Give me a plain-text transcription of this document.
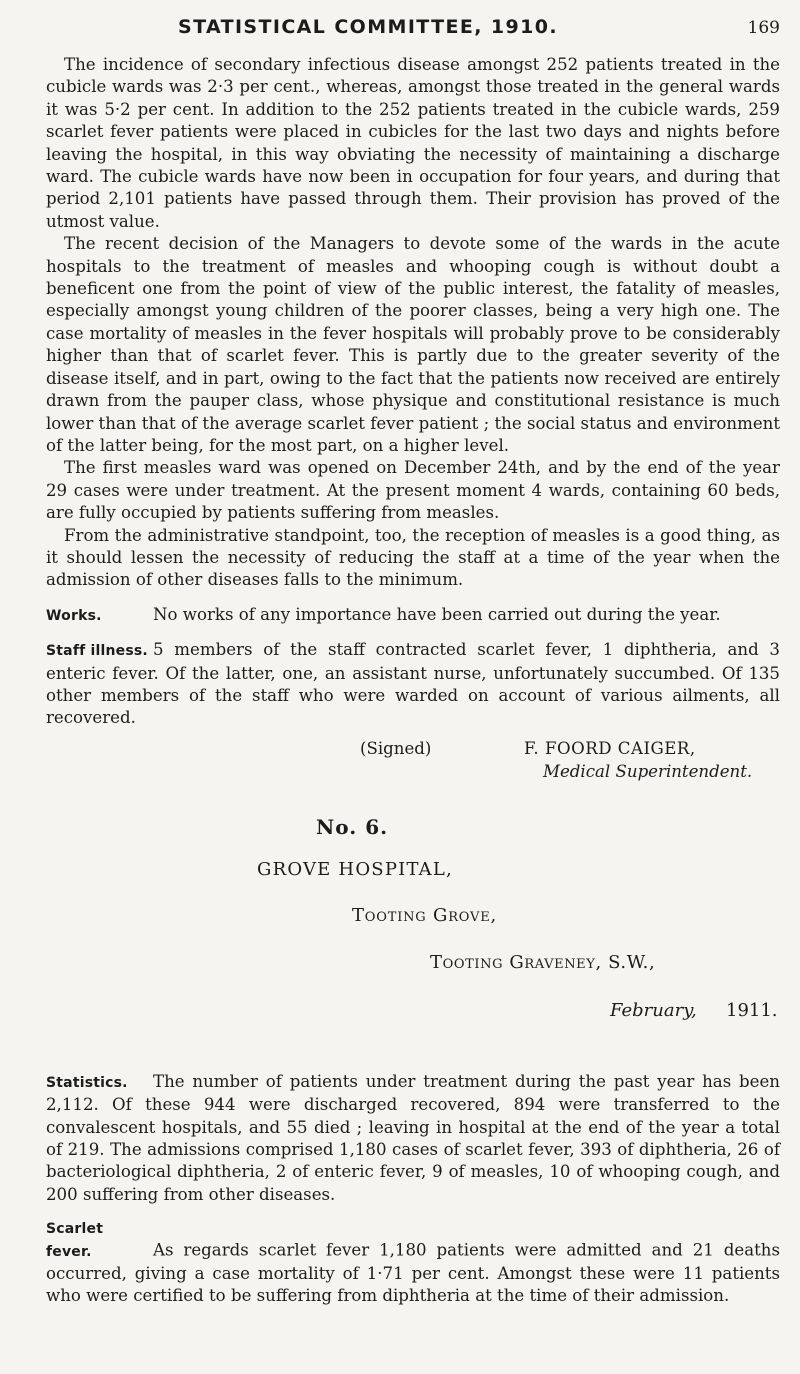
STATISTICAL COMMITTEE, 1910.	169

The incidence of secondary infectious disease amongst 252 patients treated in the cubicle wards was 2·3 per cent., whereas, amongst those treated in the general wards it was 5·2 per cent. In addition to the 252 patients treated in the cubicle wards, 259 scarlet fever patients were placed in cubicles for the last two days and nights before leaving the hospital, in this way obviating the necessity of maintaining a discharge ward. The cubicle wards have now been in occupation for four years, and during that period 2,101 patients have passed through them. Their provision has proved of the utmost value.

The recent decision of the Managers to devote some of the wards in the acute hospitals to the treatment of measles and whooping cough is without doubt a beneficent one from the point of view of the public interest, the fatality of measles, especially amongst young children of the poorer classes, being a very high one. The case mortality of measles in the fever hospitals will probably prove to be considerably higher than that of scarlet fever. This is partly due to the greater severity of the disease itself, and in part, owing to the fact that the patients now received are entirely drawn from the pauper class, whose physique and constitutional resistance is much lower than that of the average scarlet fever patient ; the social status and environment of the latter being, for the most part, on a higher level.

The first measles ward was opened on December 24th, and by the end of the year 29 cases were under treatment. At the present moment 4 wards, containing 60 beds, are fully occupied by patients suffering from measles.

From the administrative standpoint, too, the reception of measles is a good thing, as it should lessen the necessity of reducing the staff at a time of the year when the admission of other diseases falls to the minimum.

Works.	No works of any importance have been carried out during the year.

Staff illness. 5 members of the staff contracted scarlet fever, 1 diphtheria, and 3 enteric fever. Of the latter, one, an assistant nurse, unfortunately succumbed. Of 135 other members of the staff who were warded on account of various ailments, all recovered.

(Signed)	F. FOORD CAIGER,
Medical Superintendent.
No. 6.
GROVE HOSPITAL,
Tooting Grove,
Tooting Graveney, S.W.,
February, 1911.

Statistics. The number of patients under treatment during the past year has been 2,112. Of these 944 were discharged recovered, 894 were transferred to the convalescent hospitals, and 55 died ; leaving in hospital at the end of the year a total of 219. The admissions comprised 1,180 cases of scarlet fever, 393 of diphtheria, 26 of bacteriological diphtheria, 2 of enteric fever, 9 of measles, 10 of whooping cough, and 200 suffering from other diseases.

Scarlet fever.	As regards scarlet fever 1,180 patients were admitted and 21 deaths occurred, giving a case mortality of 1·71 per cent. Amongst these were 11 patients who were certified to be suffering from diphtheria at the time of their admission.
